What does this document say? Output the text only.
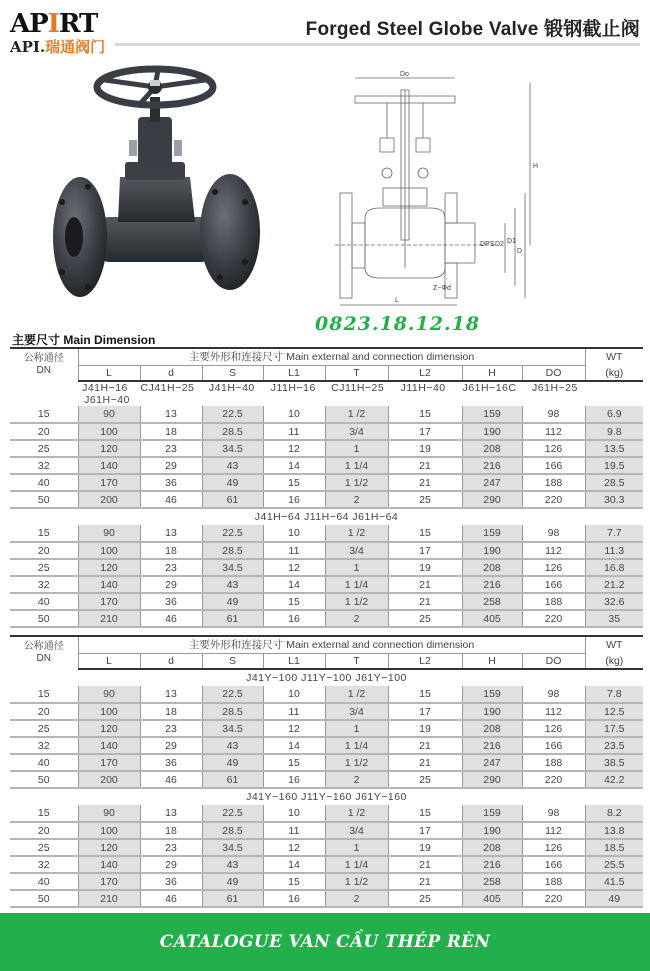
APIRT
API.瑞通阀门
Forged Steel Globe Valve 锻钢截止阀
Do
H
D
D1
D2
DPS
Z−Φd
L
0823.18.12.18
主要尺寸 Main Dimension
公称通径
DN	主要外形和连接尺寸 Main external and connection dimension								WT
	L	d	S	L1	T	L2	H	DO	(kg)
	J41H−16 CJ41H−25 J41H−40 J11H−16 CJ11H−25 J11H−40 J61H−16C J61H−25 J61H−40								
15	90	13	22.5	10	1 /2	15	159	98	6.9
20	100	18	28.5	11	3/4	17	190	112	9.8
25	120	23	34.5	12	1	19	208	126	13.5
32	140	29	43	14	1 1/4	21	216	166	19.5
40	170	36	49	15	1 1/2	21	247	188	28.5
50	200	46	61	16	2	25	290	220	30.3
J41H−64 J11H−64 J61H−64									
15	90	13	22.5	10	1 /2	15	159	98	7.7
20	100	18	28.5	11	3/4	17	190	112	11.3
25	120	23	34.5	12	1	19	208	126	16.8
32	140	29	43	14	1 1/4	21	216	166	21.2
40	170	36	49	15	1 1/2	21	258	188	32.6
50	210	46	61	16	2	25	405	220	35
公称通径
DN	主要外形和连接尺寸 Main external and connection dimension								WT
	L	d	S	L1	T	L2	H	DO	(kg)
J41Y−100 J11Y−100 J61Y−100									
15	90	13	22.5	10	1 /2	15	159	98	7.8
20	100	18	28.5	11	3/4	17	190	112	12.5
25	120	23	34.5	12	1	19	208	126	17.5
32	140	29	43	14	1 1/4	21	216	166	23.5
40	170	36	49	15	1 1/2	21	247	188	38.5
50	200	46	61	16	2	25	290	220	42.2
J41Y−160 J11Y−160 J61Y−160									
15	90	13	22.5	10	1 /2	15	159	98	8.2
20	100	18	28.5	11	3/4	17	190	112	13.8
25	120	23	34.5	12	1	19	208	126	18.5
32	140	29	43	14	1 1/4	21	216	166	25.5
40	170	36	49	15	1 1/2	21	258	188	41.5
50	210	46	61	16	2	25	405	220	49
CATALOGUE VAN CẦU THÉP RÈN
